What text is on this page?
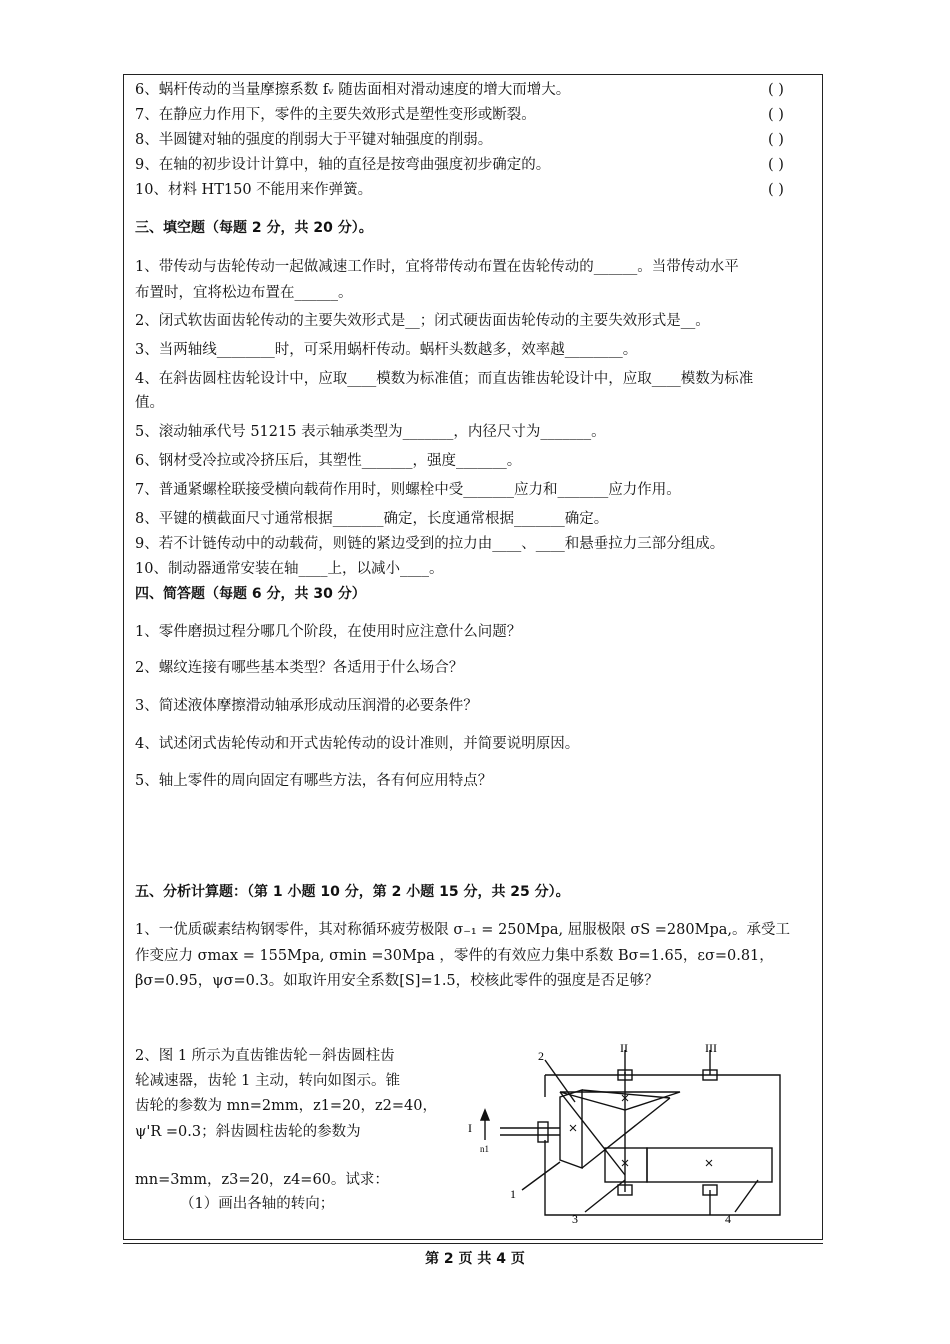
6、蜗杆传动的当量摩擦系数 fᵥ 随齿面相对滑动速度的增大而增大。	( )
7、在静应力作用下，零件的主要失效形式是塑性变形或断裂。	( )
8、半圆键对轴的强度的削弱大于平键对轴强度的削弱。	( )
9、在轴的初步设计计算中，轴的直径是按弯曲强度初步确定的。	( )
10、材料 HT150 不能用来作弹簧。	( )
三、填空题（每题 2 分，共 20 分）。
1、带传动与齿轮传动一起做减速工作时，宜将带传动布置在齿轮传动的______。当带传动水平
布置时，宜将松边布置在______。
2、闭式软齿面齿轮传动的主要失效形式是__；闭式硬齿面齿轮传动的主要失效形式是__。
3、当两轴线________时，可采用蜗杆传动。蜗杆头数越多，效率越________。
4、在斜齿圆柱齿轮设计中，应取____模数为标准值；而直齿锥齿轮设计中，应取____模数为标准
值。
5、滚动轴承代号 51215 表示轴承类型为_______，内径尺寸为_______。
6、钢材受冷拉或冷挤压后，其塑性_______，强度_______。
7、普通紧螺栓联接受横向载荷作用时，则螺栓中受_______应力和_______应力作用。
8、平键的横截面尺寸通常根据_______确定，长度通常根据_______确定。
9、若不计链传动中的动载荷，则链的紧边受到的拉力由____、____和悬垂拉力三部分组成。
10、制动器通常安装在轴____上，以减小____。
四、简答题（每题 6 分，共 30 分）
1、零件磨损过程分哪几个阶段，在使用时应注意什么问题？
2、螺纹连接有哪些基本类型？各适用于什么场合？
3、简述液体摩擦滑动轴承形成动压润滑的必要条件？
4、试述闭式齿轮传动和开式齿轮传动的设计准则，并简要说明原因。
5、轴上零件的周向固定有哪些方法，各有何应用特点？
五、分析计算题：（第 1 小题 10 分，第 2 小题 15 分，共 25 分）。
1、一优质碳素结构钢零件，其对称循环疲劳极限 σ₋₁ = 250Mpa, 屈服极限 σS =280Mpa,。承受工
作变应力 σmax = 155Mpa, σmin =30Mpa ，零件的有效应力集中系数 Bσ=1.65，εσ=0.81，
βσ=0.95，ψσ=0.3。如取许用安全系数[S]=1.5，校核此零件的强度是否足够？
2、图 1 所示为直齿锥齿轮－斜齿圆柱齿
轮减速器，齿轮 1 主动，转向如图示。锥
齿轮的参数为 mn=2mm，z1=20，z2=40，
ψ'R =0.3；斜齿圆柱齿轮的参数为
mn=3mm，z3=20，z4=60。试求：
（1）画出各轴的转向；
II	III
I
n1
1
2
3	4
第 2 页 共 4 页
